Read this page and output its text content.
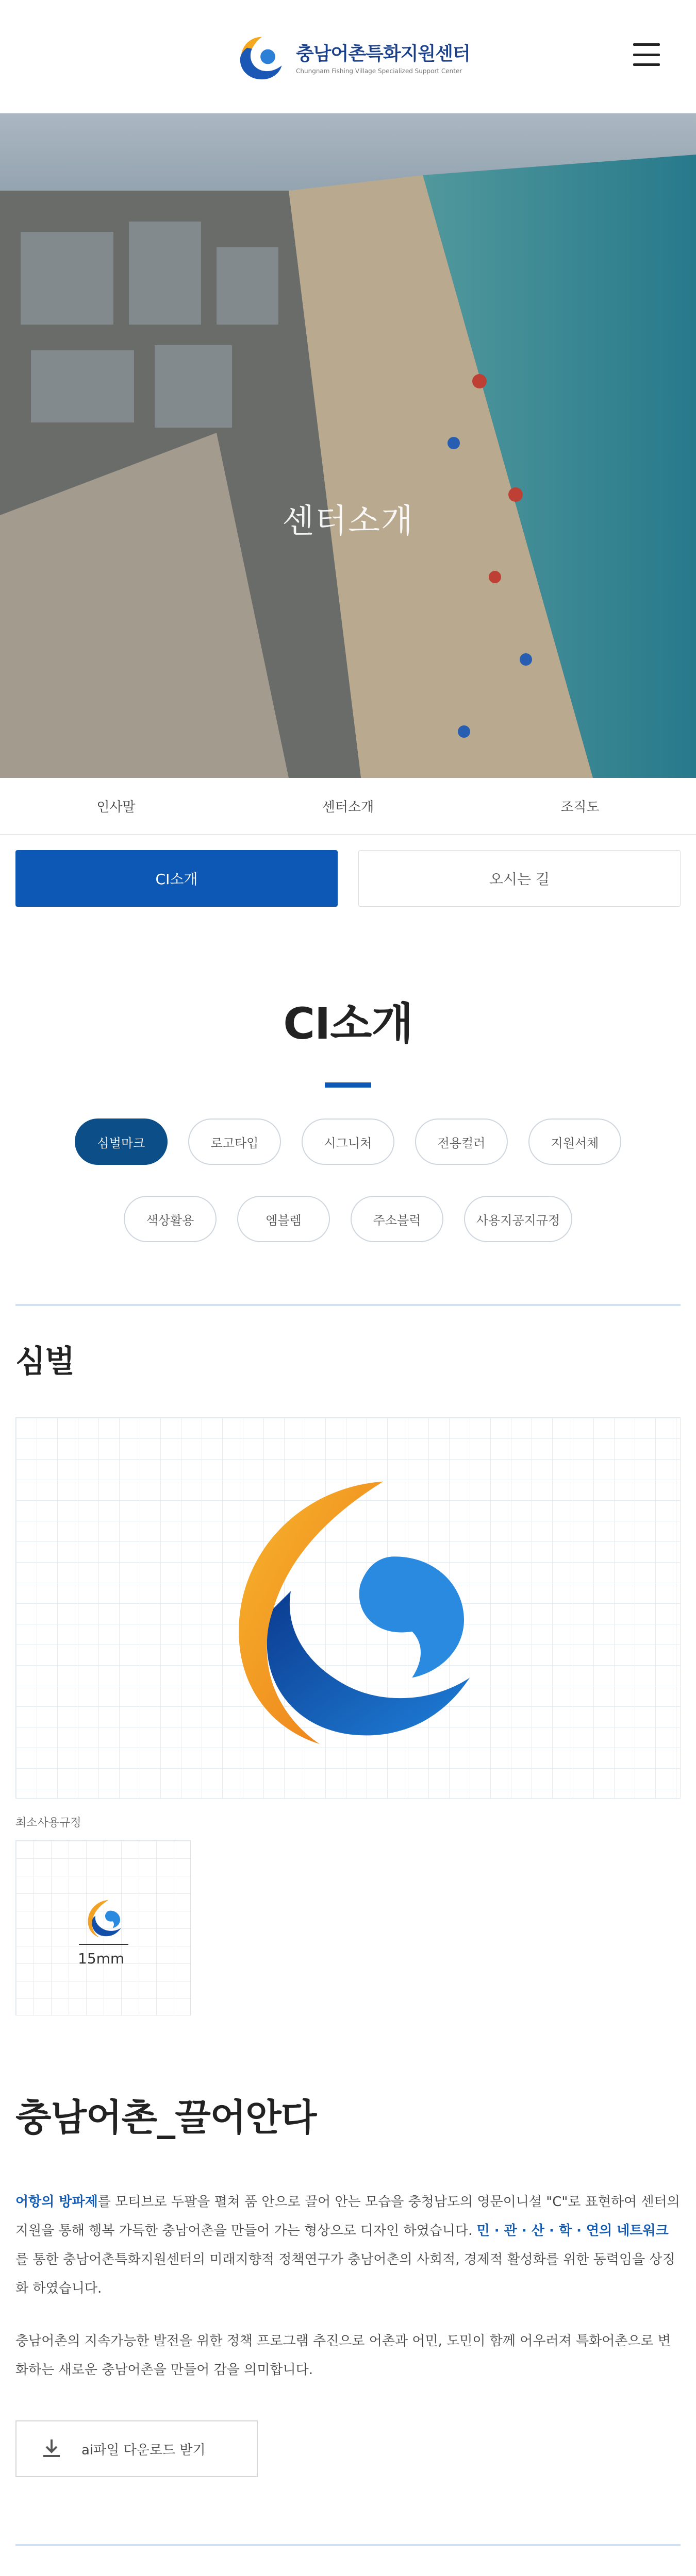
충남어촌특화지원센터
Chungnam Fishing Village Specialized Support Center
센터소개
인사말	센터소개	조직도
CI소개	오시는 길
CI소개
심벌마크	로고타입	시그니처	전용컬러	지원서체
색상활용	엠블렘	주소블럭	사용지공지규정
심벌
최소사용규정
15mm
충남어촌_끌어안다

어항의 방파제를 모티브로 두팔을 펼쳐 품 안으로 끌어 안는 모습을 충청남도의 영문이니셜 "C"로 표현하여 센터의 지원을 통해 행복 가득한 충남어촌을 만들어 가는 형상으로 디자인 하였습니다. 민 · 관 · 산 · 학 · 연의 네트워크를 통한 충남어촌특화지원센터의 미래지향적 정책연구가 충남어촌의 사회적, 경제적 활성화를 위한 동력임을 상징화 하였습니다.

충남어촌의 지속가능한 발전을 위한 정책 프로그램 추진으로 어촌과 어민, 도민이 함께 어우러져 특화어촌으로 변화하는 새로운 충남어촌을 만들어 감을 의미합니다.

ai파일 다운로드 받기
